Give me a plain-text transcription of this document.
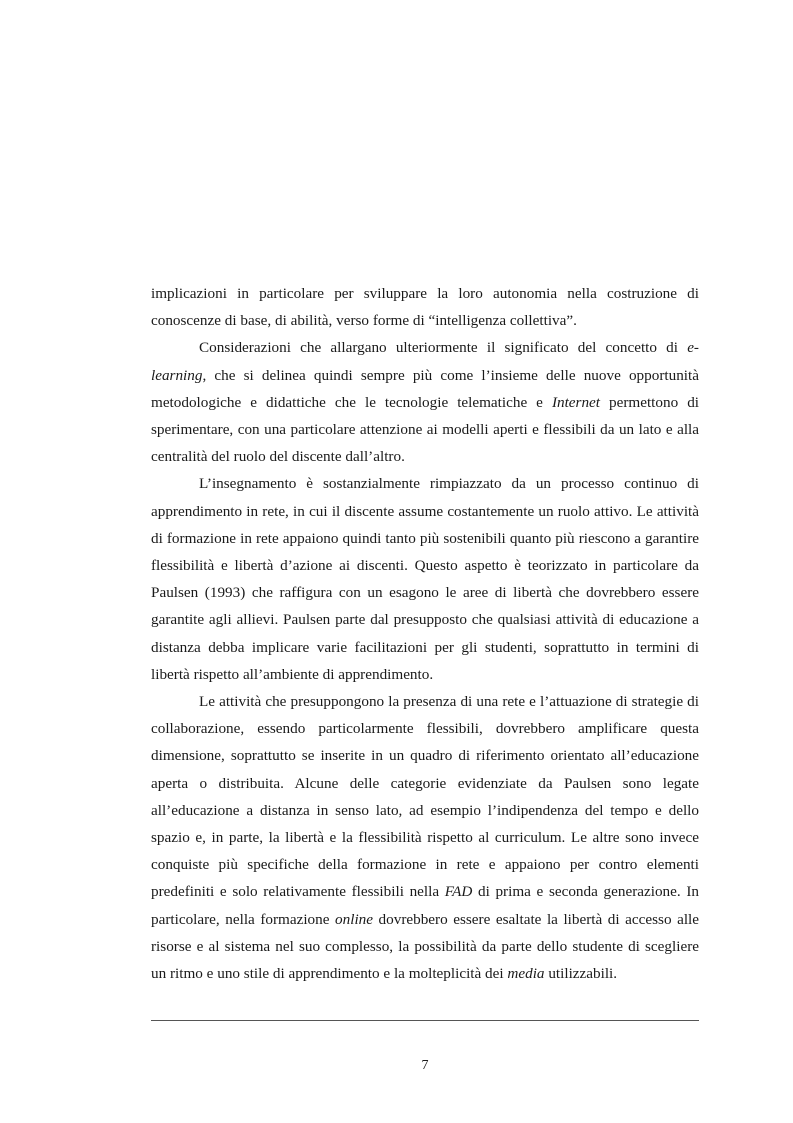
implicazioni in particolare per sviluppare la loro autonomia nella costruzione di conoscenze di base, di abilità, verso forme di “intelligenza collettiva”.

Considerazioni che allargano ulteriormente il significato del concetto di e-learning, che si delinea quindi sempre più come l’insieme delle nuove opportunità metodologiche e didattiche che le tecnologie telematiche e Internet permettono di sperimentare, con una particolare attenzione ai modelli aperti e flessibili da un lato e alla centralità del ruolo del discente dall’altro.

L’insegnamento è sostanzialmente rimpiazzato da un processo continuo di apprendimento in rete, in cui il discente assume costantemente un ruolo attivo. Le attività di formazione in rete appaiono quindi tanto più sostenibili quanto più riescono a garantire flessibilità e libertà d’azione ai discenti. Questo aspetto è teorizzato in particolare da Paulsen (1993) che raffigura con un esagono le aree di libertà che dovrebbero essere garantite agli allievi. Paulsen parte dal presupposto che qualsiasi attività di educazione a distanza debba implicare varie facilitazioni per gli studenti, soprattutto in termini di libertà rispetto all’ambiente di apprendimento.

Le attività che presuppongono la presenza di una rete e l’attuazione di strategie di collaborazione, essendo particolarmente flessibili, dovrebbero amplificare questa dimensione, soprattutto se inserite in un quadro di riferimento orientato all’educazione aperta o distribuita. Alcune delle categorie evidenziate da Paulsen sono legate all’educazione a distanza in senso lato, ad esempio l’indipendenza del tempo e dello spazio e, in parte, la libertà e la flessibilità rispetto al curriculum. Le altre sono invece conquiste più specifiche della formazione in rete e appaiono per contro elementi predefiniti e solo relativamente flessibili nella FAD di prima e seconda generazione. In particolare, nella formazione online dovrebbero essere esaltate la libertà di accesso alle risorse e al sistema nel suo complesso, la possibilità da parte dello studente di scegliere un ritmo e uno stile di apprendimento e la molteplicità dei media utilizzabili.

7
